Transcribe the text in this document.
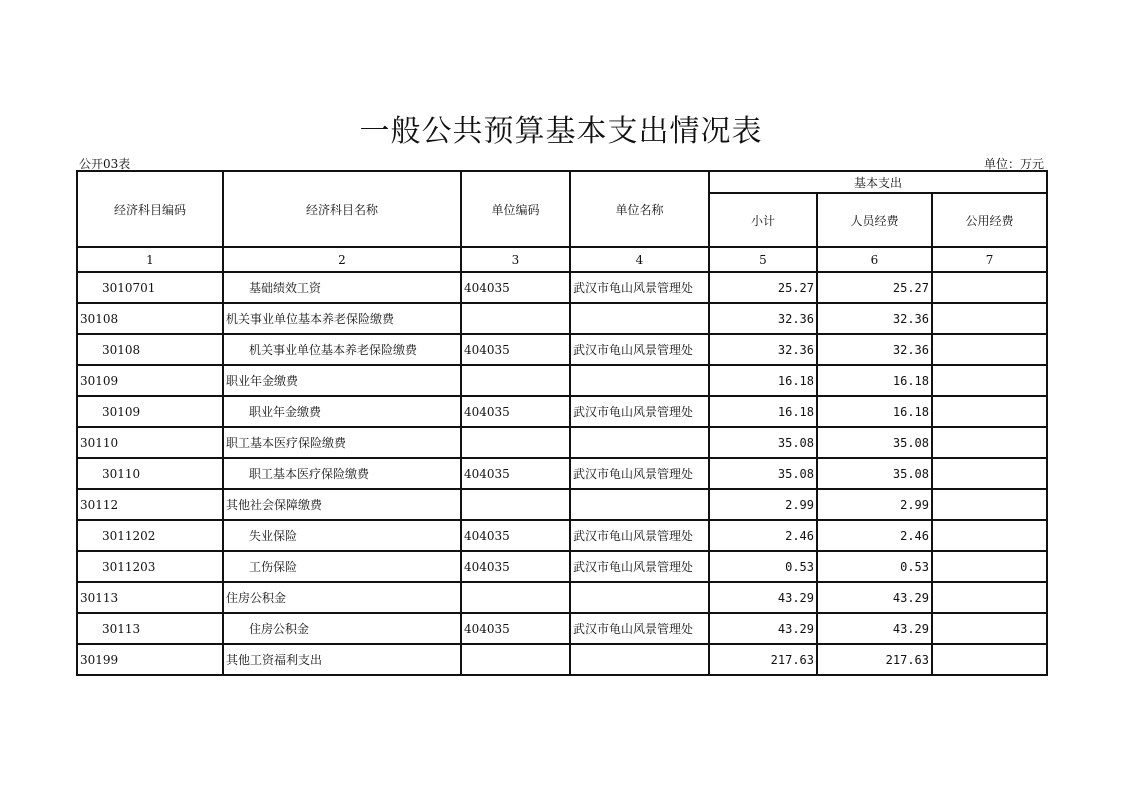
一般公共预算基本支出情况表
公开03表	单位：万元
经济科目编码	经济科目名称	单位编码	单位名称	基本支出		
				小计	人员经费	公用经费
1	2	3	4	5	6	7
3010701	基础绩效工资	404035	武汉市龟山风景管理处	25.27	25.27	
30108	机关事业单位基本养老保险缴费			32.36	32.36	
30108	机关事业单位基本养老保险缴费	404035	武汉市龟山风景管理处	32.36	32.36	
30109	职业年金缴费			16.18	16.18	
30109	职业年金缴费	404035	武汉市龟山风景管理处	16.18	16.18	
30110	职工基本医疗保险缴费			35.08	35.08	
30110	职工基本医疗保险缴费	404035	武汉市龟山风景管理处	35.08	35.08	
30112	其他社会保障缴费			2.99	2.99	
3011202	失业保险	404035	武汉市龟山风景管理处	2.46	2.46	
3011203	工伤保险	404035	武汉市龟山风景管理处	0.53	0.53	
30113	住房公积金			43.29	43.29	
30113	住房公积金	404035	武汉市龟山风景管理处	43.29	43.29	
30199	其他工资福利支出			217.63	217.63	
